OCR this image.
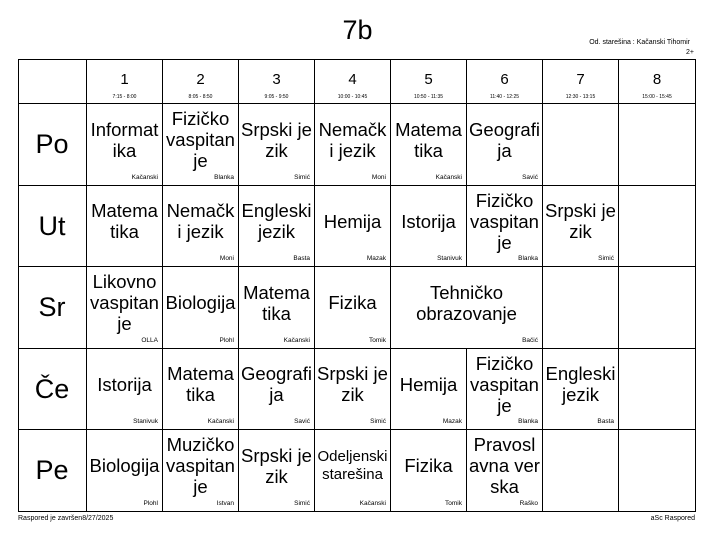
7b	Od. starešina : Kačanski Tihomir
2+
1
7:15 - 8:00
2
8:05 - 8:50
3
9:05 - 9:50
4
10:00 - 10:45
5
10:50 - 11:35
6
11:40 - 12:25
7
12:30 - 13:15
8
15:00 - 15:45
Po
Ut
Sr
Če
Pe
Informatika
Kačanski
Fizičko vaspitanje
Blanka
Srpski jezik
Simić
Nemački jezik
Moni
Matematika
Kačanski
Geografija
Savić
Matematika
Nemački jezik
Moni
Engleski jezik
Basta
Hemija
Mazak
Istorija
Stanivuk
Fizičko vaspitanje
Blanka
Srpski jezik
Simić
Likovno vaspitanje
OLLA
Biologija
Plohl
Matematika
Kačanski
Fizika
Tomik
Tehničko obrazovanje
Bačić
Istorija
Stanivuk
Matematika
Kačanski
Geografija
Savić
Srpski jezik
Simić
Hemija
Mazak
Fizičko vaspitanje
Blanka
Engleski jezik
Basta
Biologija
Plohl
Muzičko vaspitanje
Istvan
Srpski jezik
Simić
Odeljenski starešina
Kačanski
Fizika
Tomik
Pravoslavna verska
Raško
Raspored je završen8/27/2025	aSc Raspored
